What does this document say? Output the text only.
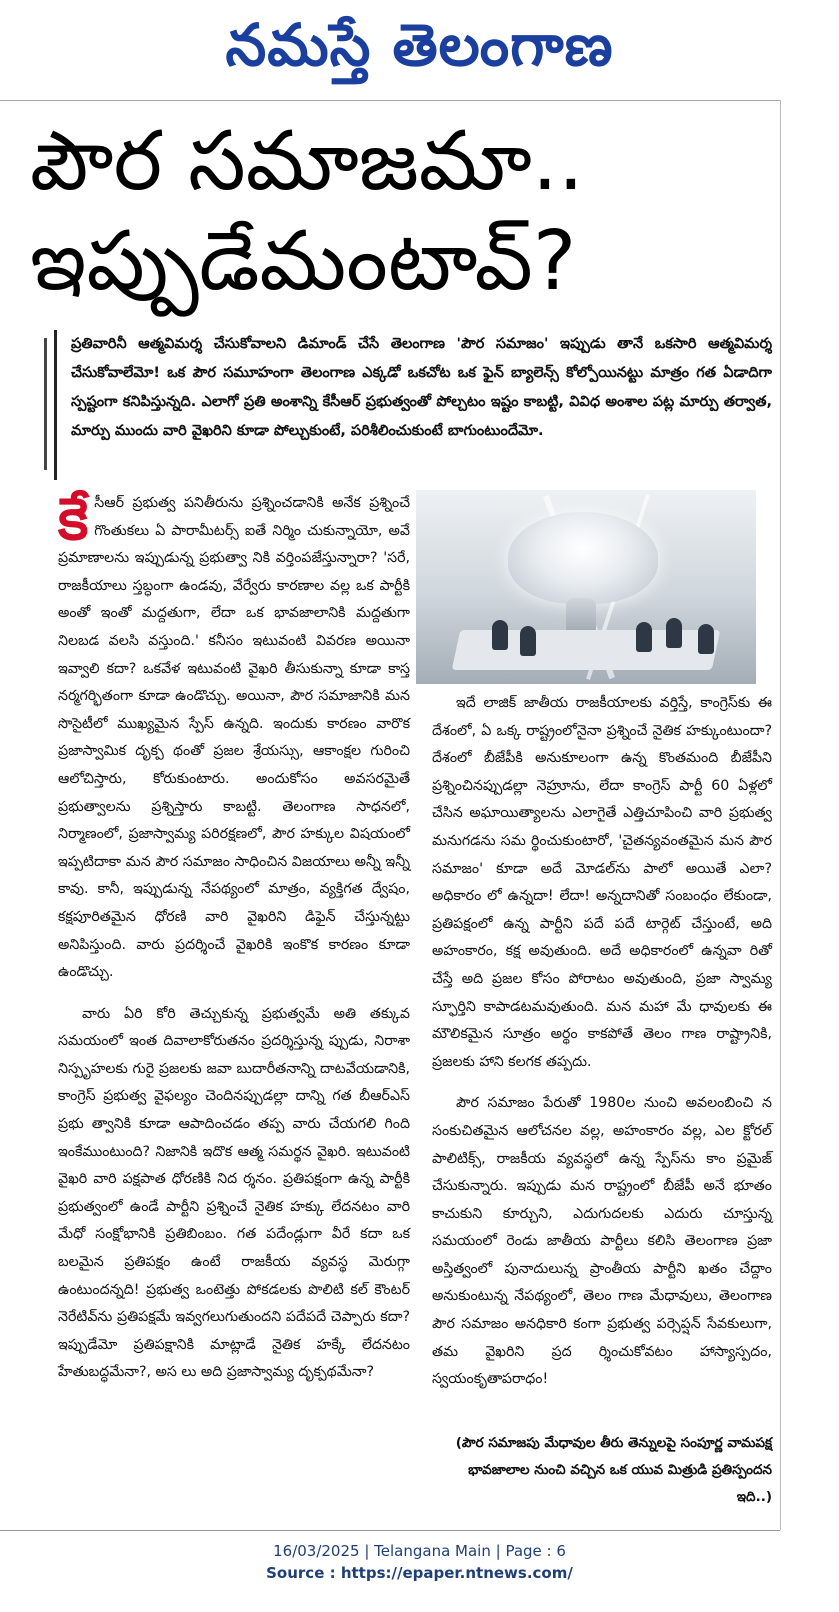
నమస్తే తెలంగాణ
పౌర సమాజమా..
ఇప్పుడేమంటావ్?
ప్రతివారినీ ఆత్మవిమర్శ చేసుకోవాలని డిమాండ్ చేసే తెలంగాణ 'పౌర సమాజం' ఇప్పుడు తానే ఒకసారి ఆత్మవిమర్శ చేసుకోవాలేమో! ఒక పౌర సమూహంగా తెలంగాణ ఎక్కడో ఒకచోట ఒక ఫైన్ బ్యాలెన్స్ కోల్పోయినట్టు మాత్రం గత ఏడాదిగా స్పష్టంగా కనిపిస్తున్నది. ఎలాగో ప్రతి అంశాన్ని కేసీఆర్ ప్రభుత్వంతో పోల్చటం ఇష్టం కాబట్టి, వివిధ అంశాల పట్ల మార్పు తర్వాత, మార్పు ముందు వారి వైఖరిని కూడా పోల్చుకుంటే, పరిశీలించుకుంటే బాగుంటుందేమో.

కేసీఆర్ ప్రభుత్వ పనితీరును ప్రశ్నించడానికి అనేక ప్రశ్నించే గొంతుకలు ఏ పారామీటర్స్ ఐతే నిర్మిం చుకున్నాయో, అవే ప్రమాణాలను ఇప్పుడున్న ప్రభుత్వా నికి వర్తింపజేస్తున్నారా? 'సరే, రాజకీయాలు స్తబ్ధంగా ఉండవు, వేర్వేరు కారణాల వల్ల ఒక పార్టీకి అంతో ఇంతో మద్దతుగా, లేదా ఒక భావజాలానికి మద్దతుగా నిలబడ వలసి వస్తుంది.' కనీసం ఇటువంటి వివరణ అయినా ఇవ్వాలి కదా? ఒకవేళ ఇటువంటి వైఖరి తీసుకున్నా కూడా కాస్త నర్మగర్భితంగా కూడా ఉండొచ్చు. అయినా, పౌర సమాజానికి మన సొసైటీలో ముఖ్యమైన స్పేస్ ఉన్నది. ఇందుకు కారణం వారొక ప్రజాస్వామిక దృక్ప థంతో ప్రజల శ్రేయస్సు, ఆకాంక్షల గురించి ఆలోచిస్తారు, కోరుకుంటారు. అందుకోసం అవసరమైతే ప్రభుత్వాలను ప్రశ్నిస్తారు కాబట్టి. తెలంగాణ సాధనలో, నిర్మాణంలో, ప్రజాస్వామ్య పరిరక్షణలో, పౌర హక్కుల విషయంలో ఇప్పటిదాకా మన పౌర సమాజం సాధించిన విజయాలు అన్నీ ఇన్నీ కావు. కానీ, ఇప్పుడున్న నేపథ్యంలో మాత్రం, వ్యక్తిగత ద్వేషం, కక్షపూరితమైన ధోరణి వారి వైఖరిని డిఫైన్ చేస్తున్నట్టు అనిపిస్తుంది. వారు ప్రదర్శించే వైఖరికి ఇంకొక కారణం కూడా ఉండొచ్చు.

వారు ఏరి కోరి తెచ్చుకున్న ప్రభుత్వమే అతి తక్కువ సమయంలో ఇంత దివాలాకోరుతనం ప్రదర్శిస్తున్న ప్పుడు, నిరాశా నిస్పృహలకు గురై ప్రజలకు జవా బుదారీతనాన్ని దాటవేయడానికి, కాంగ్రెస్ ప్రభుత్వ వైఫల్యం చెందినప్పుడల్లా దాన్ని గత బీఆర్ఎస్ ప్రభు త్వానికి కూడా ఆపాదించడం తప్ప వారు చేయగలి గింది ఇంకేముంటుంది? నిజానికి ఇదొక ఆత్మ సమర్థన వైఖరి. ఇటువంటి వైఖరి వారి పక్షపాత ధోరణికి నిద ర్శనం. ప్రతిపక్షంగా ఉన్న పార్టీకి ప్రభుత్వంలో ఉండే పార్టీని ప్రశ్నించే నైతిక హక్కు లేదనటం వారి మేధో సంక్షోభానికి ప్రతిబింబం. గత పదేండ్లుగా వీరే కదా ఒక బలమైన ప్రతిపక్షం ఉంటే రాజకీయ వ్యవస్థ మెరుగ్గా ఉంటుందన్నది! ప్రభుత్వ ఒంటెత్తు పోకడలకు పొలిటి కల్ కౌంటర్ నెరేటివ్‌ను ప్రతిపక్షమే ఇవ్వగలుగుతుందని పదేపదే చెప్పారు కదా? ఇప్పుడేమో ప్రతిపక్షానికి మాట్లాడే నైతిక హక్కే లేదనటం హేతుబద్ధమేనా?, అస లు అది ప్రజాస్వామ్య దృక్పథమేనా?

ఇదే లాజిక్ జాతీయ రాజకీయాలకు వర్తిస్తే, కాంగ్రెస్‌కు ఈ దేశంలో, ఏ ఒక్క రాష్ట్రంలోనైనా ప్రశ్నించే నైతిక హక్కుంటుందా? దేశంలో బీజేపీకి అనుకూలంగా ఉన్న కొంతమంది బీజేపీని ప్రశ్నించినప్పుడల్లా నెహ్రూను, లేదా కాంగ్రెస్ పార్టీ 60 ఏళ్లలో చేసిన అఘాయిత్యాలను ఎలాగైతే ఎత్తిచూపించి వారి ప్రభుత్వ మనుగడను సమ ర్థించుకుంటారో, 'చైతన్యవంతమైన మన పౌర సమాజం' కూడా అదే మోడల్‌ను పాలో అయితే ఎలా? అధికారం లో ఉన్నదా! లేదా! అన్నదానితో సంబంధం లేకుండా, ప్రతిపక్షంలో ఉన్న పార్టీని పదే పదే టార్గెట్ చేస్తుంటే, అది అహంకారం, కక్ష అవుతుంది. అదే అధికారంలో ఉన్నవా రితో చేస్తే అది ప్రజల కోసం పోరాటం అవుతుంది, ప్రజా స్వామ్య స్ఫూర్తిని కాపాడటమవుతుంది. మన మహా మే ధావులకు ఈ మౌలికమైన సూత్రం అర్థం కాకపోతే తెలం గాణ రాష్ట్రానికి, ప్రజలకు హాని కలగక తప్పదు.

పౌర సమాజం పేరుతో 1980ల నుంచి అవలంబించి న సంకుచితమైన ఆలోచనల వల్ల, అహంకారం వల్ల, ఎల క్టోరల్ పాలిటిక్స్, రాజకీయ వ్యవస్థలో ఉన్న స్పేస్‌ను కాం ప్రమైజ్ చేసుకున్నారు. ఇప్పుడు మన రాష్ట్రంలో బీజేపీ అనే భూతం కాచుకుని కూర్చుని, ఎదుగుదలకు ఎదురు చూస్తున్న సమయంలో రెండు జాతీయ పార్టీలు కలిసి తెలంగాణ ప్రజా అస్తిత్వంలో పునాదులున్న ప్రాంతీయ పార్టీని ఖతం చేద్దాం అనుకుంటున్న నేపథ్యంలో, తెలం గాణ మేధావులు, తెలంగాణ పౌర సమాజం అనధికారి కంగా ప్రభుత్వ పర్సెప్షన్ సేవకులుగా, తమ వైఖరిని ప్రద ర్శించుకోవటం హాస్యాస్పదం, స్వయంకృతాపరాధం!

(పౌర సమాజపు మేధావుల తీరు తెన్నులపై సంపూర్ణ వామపక్ష భావజాలాల నుంచి వచ్చిన ఒక యువ మిత్రుడి ప్రతిస్పందన ఇది..)
16/03/2025 | Telangana Main | Page : 6
Source : https://epaper.ntnews.com/
